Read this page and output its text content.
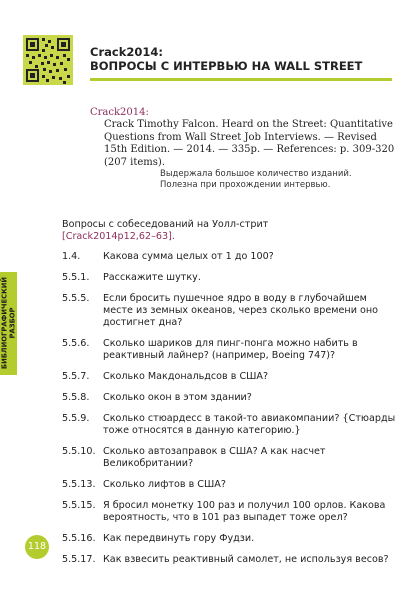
Crack2014:
ВОПРОСЫ С ИНТЕРВЬЮ НА WALL STREET
Crack2014:
Crack Timothy Falcon. Heard on the Street: Quantitative Questions from Wall Street Job Interviews. — Revised 15th Edition. — 2014. — 335p. — References: p. 309-320 (207 items).
Выдержала большое количество изданий.
Полезна при прохождении интервью.
Вопросы с собеседований на Уолл-стрит
[Crack2014p12,62–63].
1.4. Какова сумма целых от 1 до 100?
5.5.1. Расскажите шутку.
5.5.5. Если бросить пушечное ядро в воду в глубочайшем месте из земных океанов, через сколько времени оно достигнет дна?
5.5.6. Сколько шариков для пинг-понга можно набить в реактивный лайнер? (например, Boeing 747)?
5.5.7. Сколько Макдональдсов в США?
5.5.8. Сколько окон в этом здании?
5.5.9. Сколько стюардесс в такой-то авиакомпании? {Стюарды тоже относятся в данную категорию.}
5.5.10. Сколько автозаправок в США? А как насчет Великобритании?
5.5.13. Сколько лифтов в США?
5.5.15. Я бросил монетку 100 раз и получил 100 орлов. Какова вероятность, что в 101 раз выпадет тоже орел?
5.5.16. Как передвинуть гору Фудзи.
5.5.17. Как взвесить реактивный самолет, не используя весов?
БИБЛИОГРАФИЧЕСКИЙ РАЗБОР
118
